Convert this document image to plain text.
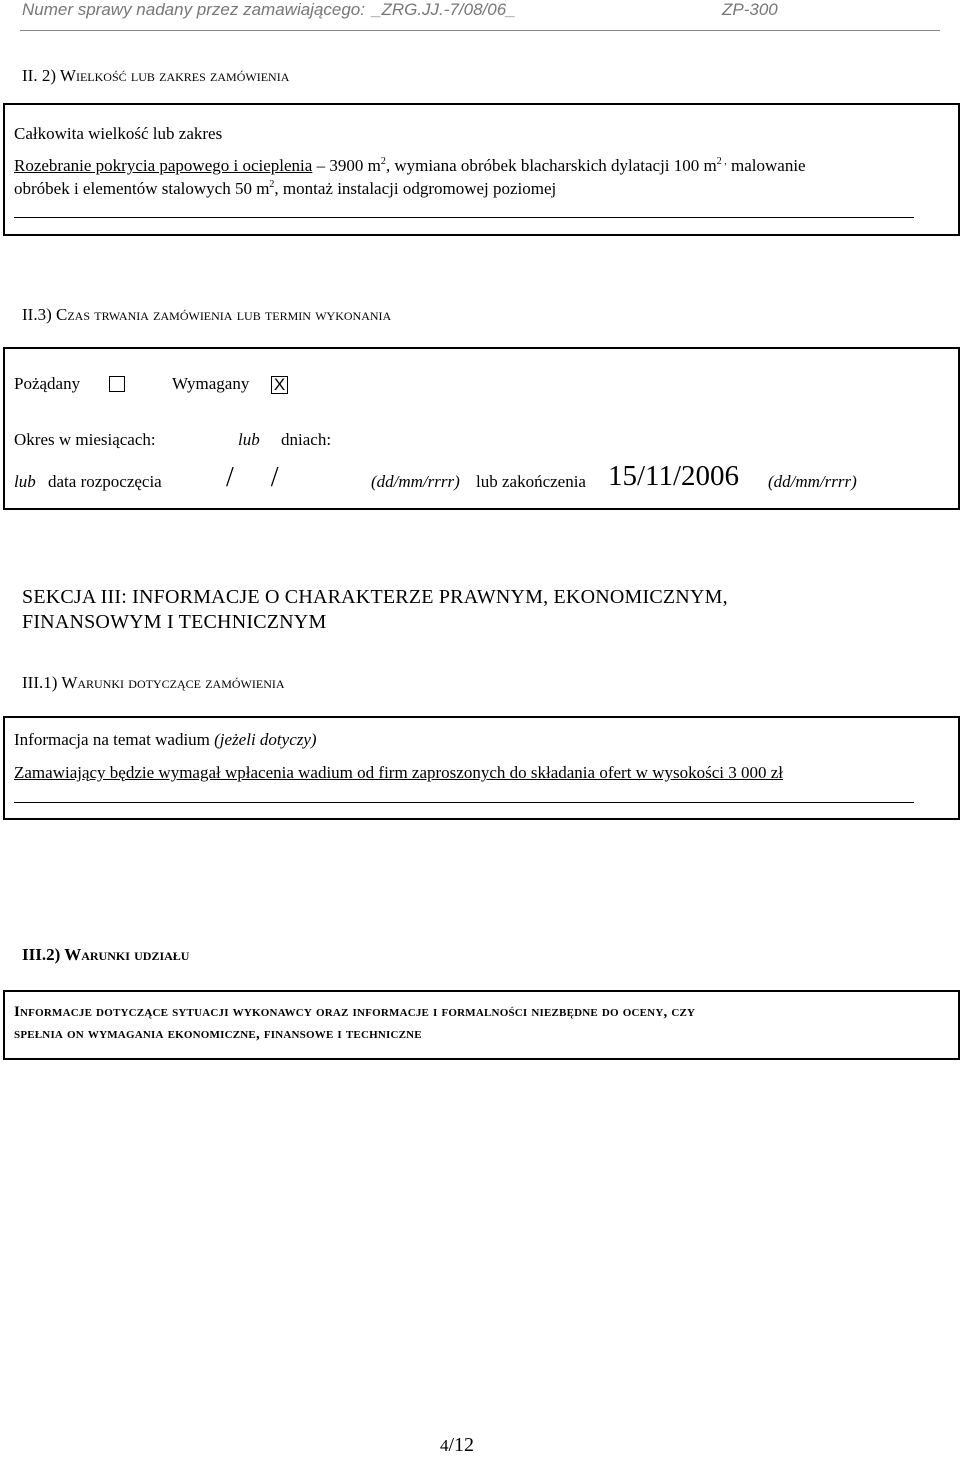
Numer sprawy nadany przez zamawiającego: _ZRG.JJ.-7/08/06_	ZP-300
II. 2) Wielkość lub zakres zamówienia
Całkowita wielkość lub zakres
Rozebranie pokrycia papowego i ocieplenia – 3900 $m^2$, wymiana obróbek blacharskich dylatacji 100 $m^{2 ,}$ malowanie
obróbek i elementów stalowych 50 $m^2$, montaż instalacji odgromowej poziomej
II.3) Czas trwania zamówienia lub termin wykonania
Pożądany	Wymagany X
Okres w miesiącach:	lub dniach:
lub data rozpoczęcia / /	(dd/mm/rrrr) lub zakończenia 15/11/2006 (dd/mm/rrrr)
SEKCJA III: INFORMACJE O CHARAKTERZE PRAWNYM, EKONOMICZNYM,
FINANSOWYM I TECHNICZNYM
III.1) Warunki dotyczące zamówienia
Informacja na temat wadium (jeżeli dotyczy)
Zamawiający będzie wymagał wpłacenia wadium od firm zaproszonych do składania ofert w wysokości 3 000 zł
III.2) Warunki udziału
Informacje dotyczące sytuacji wykonawcy oraz informacje i formalności niezbędne do oceny, czy
spełnia on wymagania ekonomiczne, finansowe i techniczne
4/12
